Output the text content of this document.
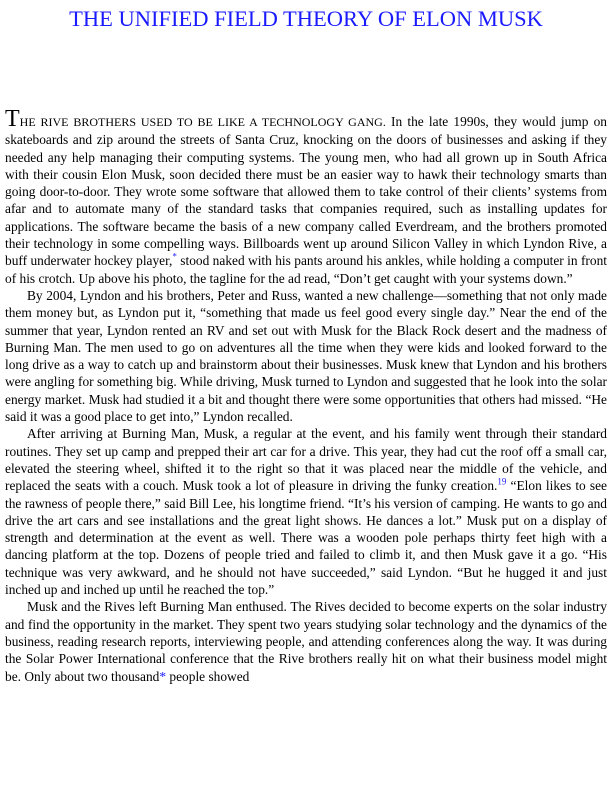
THE UNIFIED FIELD THEORY OF ELON MUSK

THE RIVE BROTHERS USED TO BE LIKE A TECHNOLOGY GANG. In the late 1990s, they would jump on skateboards and zip around the streets of Santa Cruz, knocking on the doors of businesses and asking if they needed any help managing their computing systems. The young men, who had all grown up in South Africa with their cousin Elon Musk, soon decided there must be an easier way to hawk their technology smarts than going door-to-door. They wrote some software that allowed them to take control of their clients’ systems from afar and to automate many of the standard tasks that companies required, such as installing updates for applications. The software became the basis of a new company called Everdream, and the brothers promoted their technology in some compelling ways. Billboards went up around Silicon Valley in which Lyndon Rive, a buff underwater hockey player,* stood naked with his pants around his ankles, while holding a computer in front of his crotch. Up above his photo, the tagline for the ad read, “Don’t get caught with your systems down.”

By 2004, Lyndon and his brothers, Peter and Russ, wanted a new challenge—something that not only made them money but, as Lyndon put it, “something that made us feel good every single day.” Near the end of the summer that year, Lyndon rented an RV and set out with Musk for the Black Rock desert and the madness of Burning Man. The men used to go on adventures all the time when they were kids and looked forward to the long drive as a way to catch up and brainstorm about their businesses. Musk knew that Lyndon and his brothers were angling for something big. While driving, Musk turned to Lyndon and suggested that he look into the solar energy market. Musk had studied it a bit and thought there were some opportunities that others had missed. “He said it was a good place to get into,” Lyndon recalled.

After arriving at Burning Man, Musk, a regular at the event, and his family went through their standard routines. They set up camp and prepped their art car for a drive. This year, they had cut the roof off a small car, elevated the steering wheel, shifted it to the right so that it was placed near the middle of the vehicle, and replaced the seats with a couch. Musk took a lot of pleasure in driving the funky creation.$^{19}$ “Elon likes to see the rawness of people there,” said Bill Lee, his longtime friend. “It’s his version of camping. He wants to go and drive the art cars and see installations and the great light shows. He dances a lot.” Musk put on a display of strength and determination at the event as well. There was a wooden pole perhaps thirty feet high with a dancing platform at the top. Dozens of people tried and failed to climb it, and then Musk gave it a go. “His technique was very awkward, and he should not have succeeded,” said Lyndon. “But he hugged it and just inched up and inched up until he reached the top.”

Musk and the Rives left Burning Man enthused. The Rives decided to become experts on the solar industry and find the opportunity in the market. They spent two years studying solar technology and the dynamics of the business, reading research reports, interviewing people, and attending conferences along the way. It was during the Solar Power International conference that the Rive brothers really hit on what their business model might be. Only about two thousand* people showed
